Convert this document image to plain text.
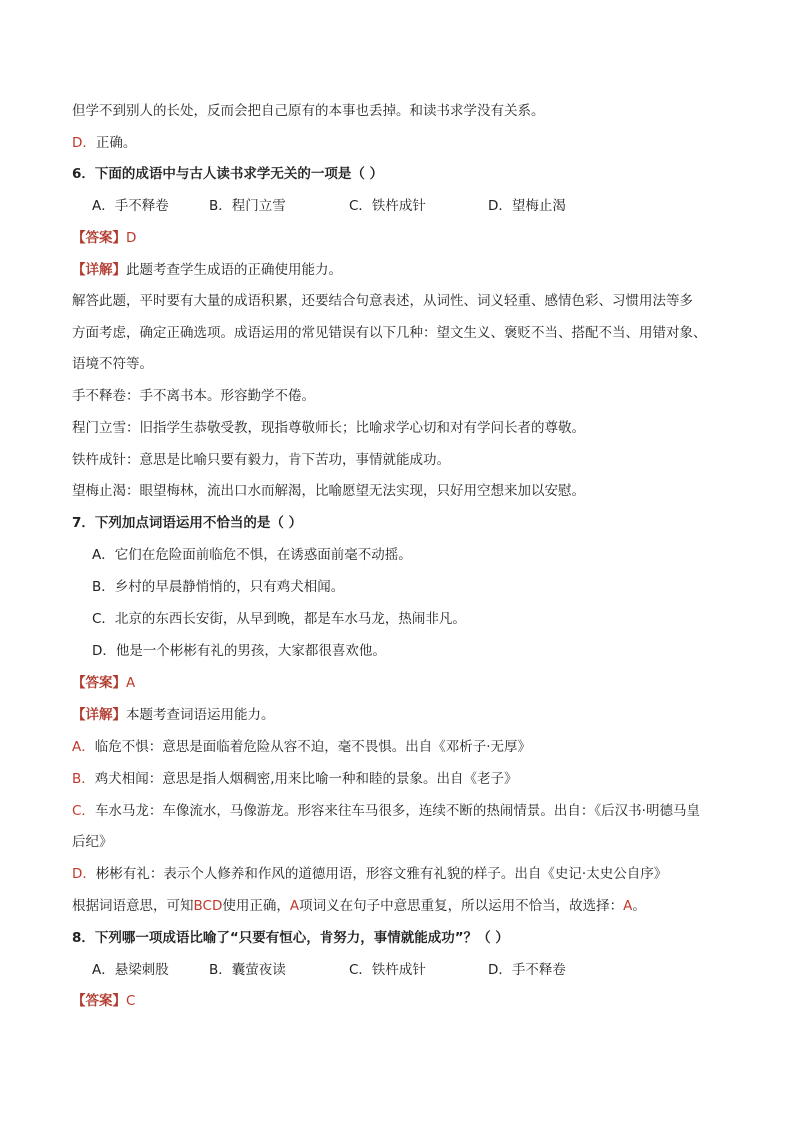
但学不到别人的长处，反而会把自己原有的本事也丢掉。和读书求学没有关系。
D．正确。
6．下面的成语中与古人读书求学无关的一项是（ ）
A．手不释卷	B．程门立雪	C．铁杵成针	D．望梅止渴
【答案】D
【详解】此题考查学生成语的正确使用能力。
解答此题，平时要有大量的成语积累，还要结合句意表述，从词性、词义轻重、感情色彩、习惯用法等多
方面考虑，确定正确选项。成语运用的常见错误有以下几种：望文生义、褒贬不当、搭配不当、用错对象、
语境不符等。
手不释卷：手不离书本。形容勤学不倦。
程门立雪：旧指学生恭敬受教，现指尊敬师长；比喻求学心切和对有学问长者的尊敬。
铁杵成针：意思是比喻只要有毅力，肯下苦功，事情就能成功。
望梅止渴：眼望梅林，流出口水而解渴，比喻愿望无法实现，只好用空想来加以安慰。
7．下列加点词语运用不恰当的是（ ）
A．它们在危险面前临危不惧，在诱惑面前毫不动摇。
B．乡村的早晨静悄悄的，只有鸡犬相闻。
C．北京的东西长安街，从早到晚，都是车水马龙，热闹非凡。
D．他是一个彬彬有礼的男孩，大家都很喜欢他。
【答案】A
【详解】本题考查词语运用能力。
A．临危不惧：意思是面临着危险从容不迫，毫不畏惧。出自《邓析子·无厚》
B．鸡犬相闻：意思是指人烟稠密,用来比喻一种和睦的景象。出自《老子》
C．车水马龙：车像流水，马像游龙。形容来往车马很多，连续不断的热闹情景。出自：《后汉书·明德马皇
后纪》
D．彬彬有礼：表示个人修养和作风的道德用语，形容文雅有礼貌的样子。出自《史记·太史公自序》
根据词语意思，可知BCD使用正确，A项词义在句子中意思重复，所以运用不恰当，故选择：A。
8．下列哪一项成语比喻了“只要有恒心，肯努力，事情就能成功”？（ ）
A．悬梁刺股	B．囊萤夜读	C．铁杵成针	D．手不释卷
【答案】C
